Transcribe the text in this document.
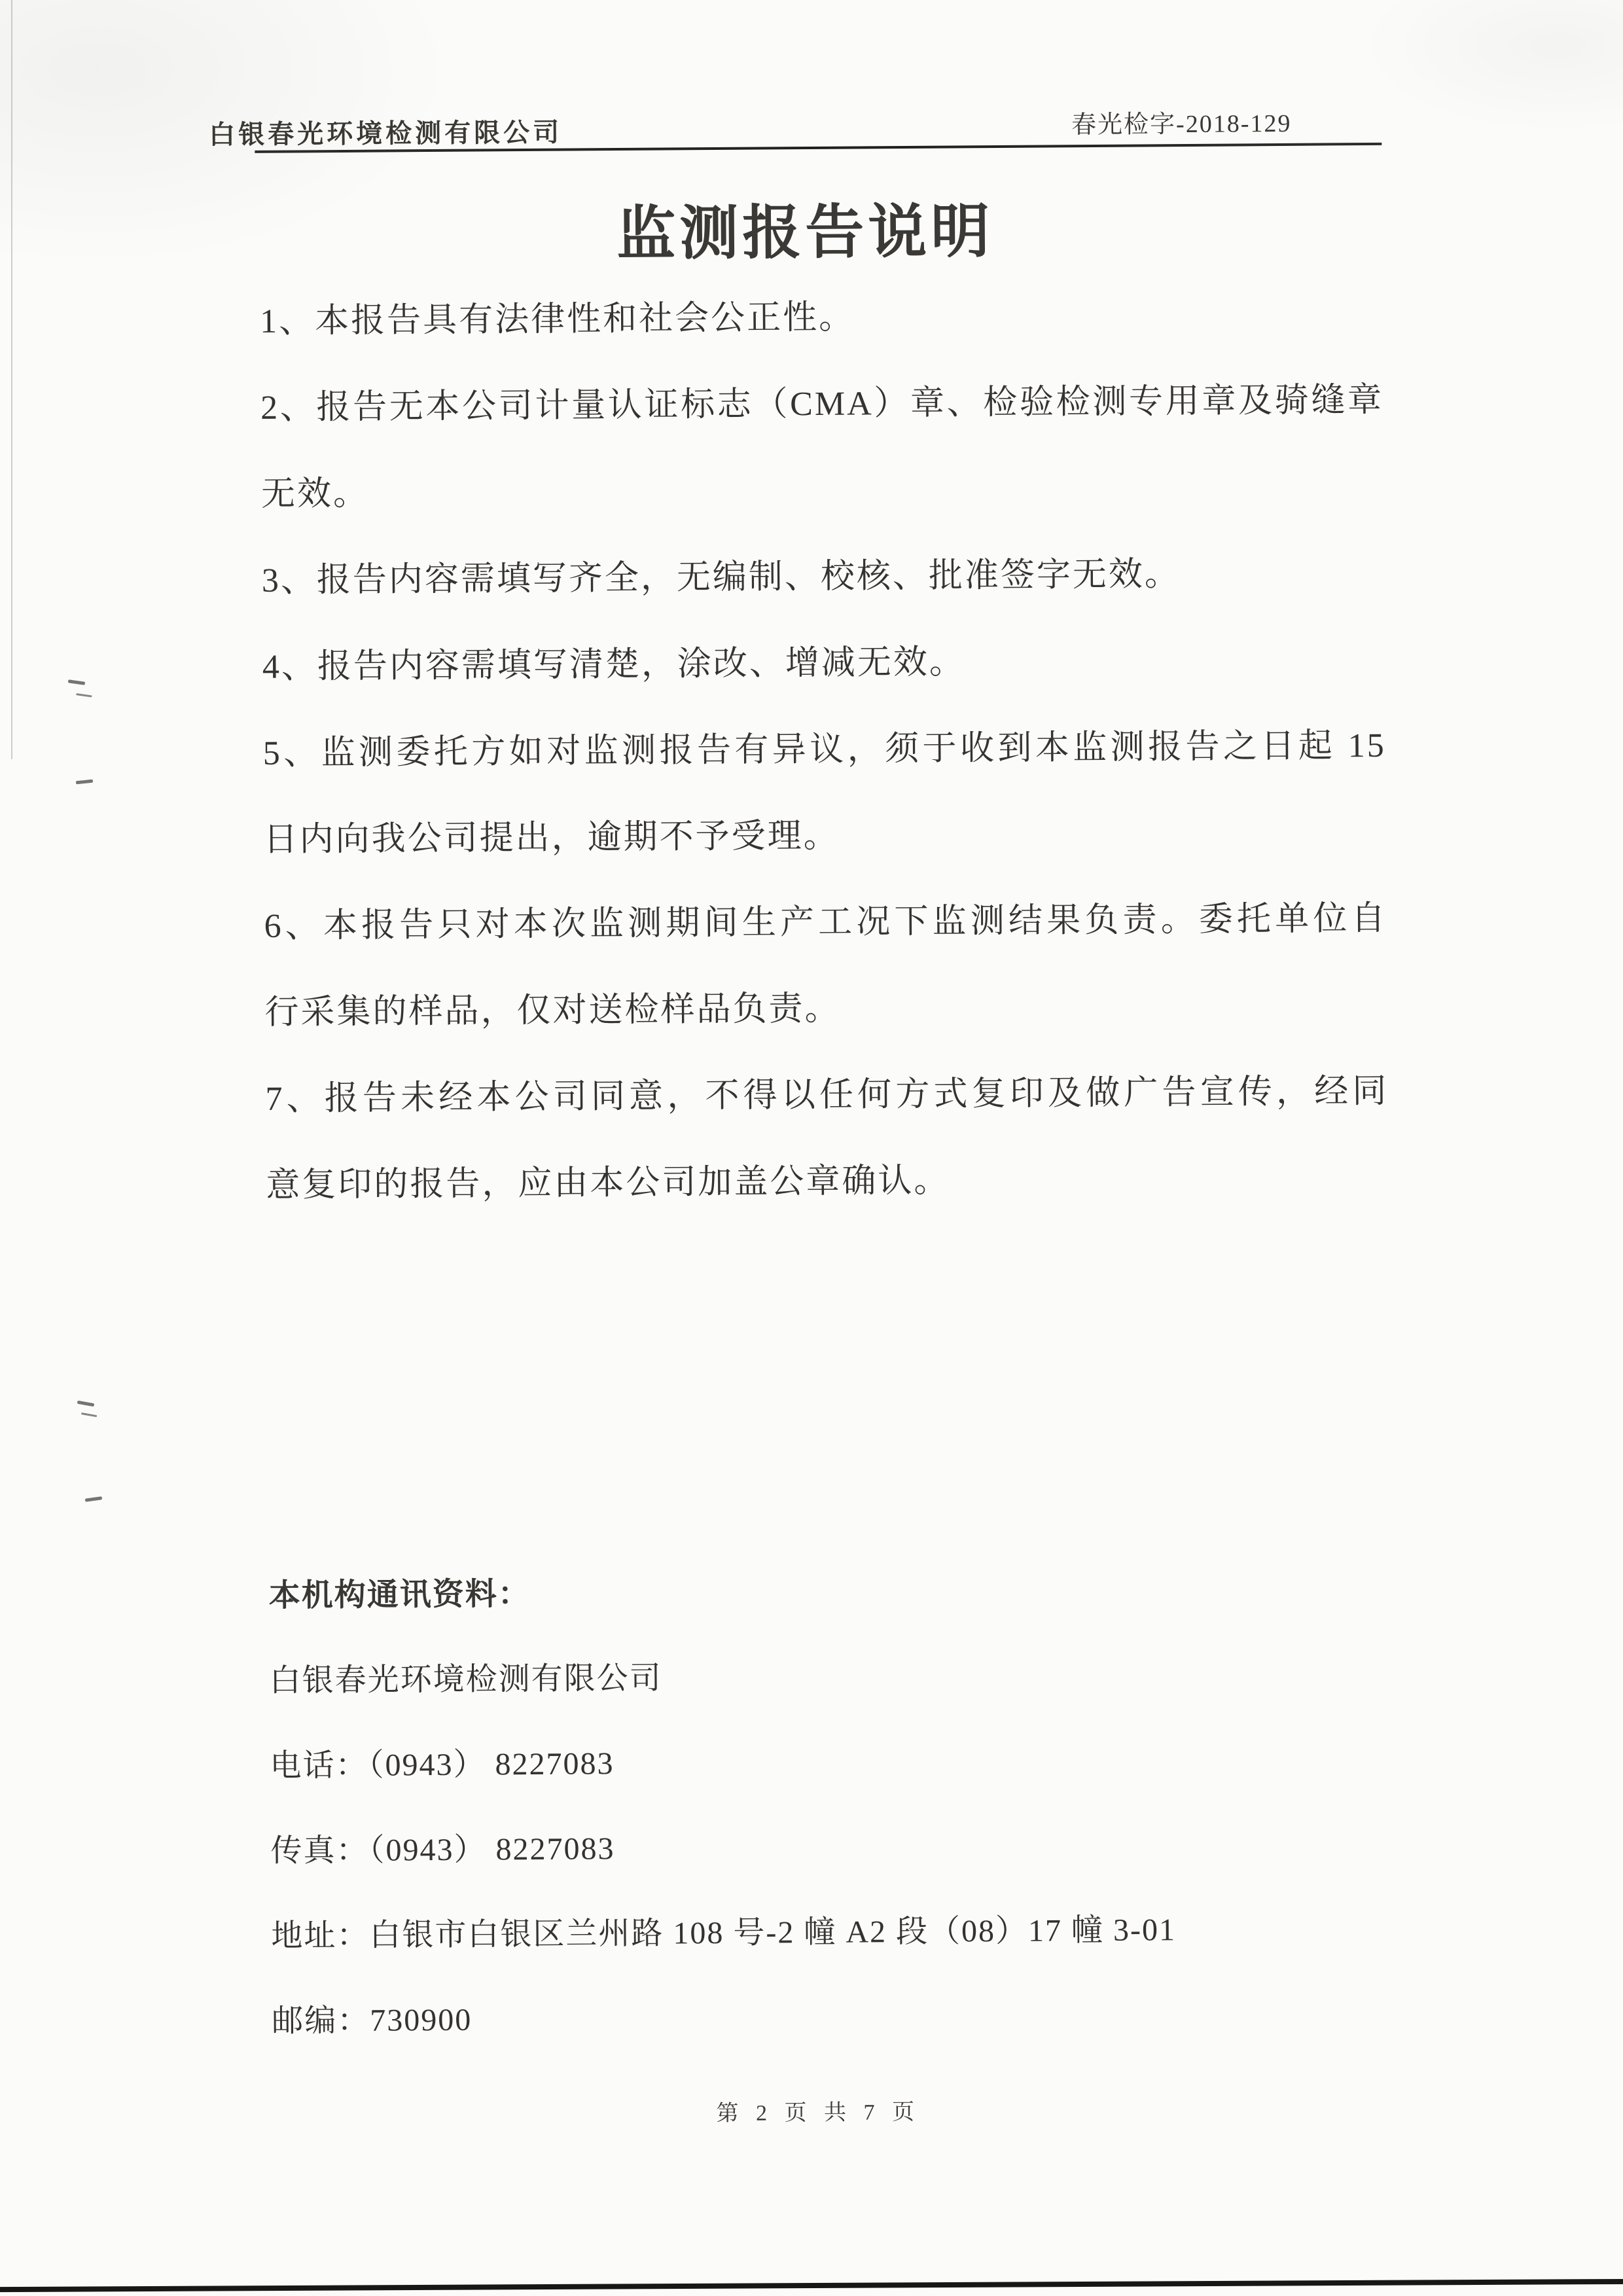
白银春光环境检测有限公司	春光检字-2018-129
监测报告说明
1、本报告具有法律性和社会公正性。
2、报告无本公司计量认证标志（CMA）章、检验检测专用章及骑缝章
无效。
3、报告内容需填写齐全，无编制、校核、批准签字无效。
4、报告内容需填写清楚，涂改、增减无效。
5、监测委托方如对监测报告有异议，须于收到本监测报告之日起 15
日内向我公司提出，逾期不予受理。
6、本报告只对本次监测期间生产工况下监测结果负责。委托单位自
行采集的样品，仅对送检样品负责。
7、报告未经本公司同意，不得以任何方式复印及做广告宣传，经同
意复印的报告，应由本公司加盖公章确认。
本机构通讯资料：
白银春光环境检测有限公司
电话：（0943） 8227083
传真：（0943） 8227083
地址：白银市白银区兰州路 108 号-2 幢 A2 段（08）17 幢 3-01
邮编：730900
第 2 页 共 7 页
